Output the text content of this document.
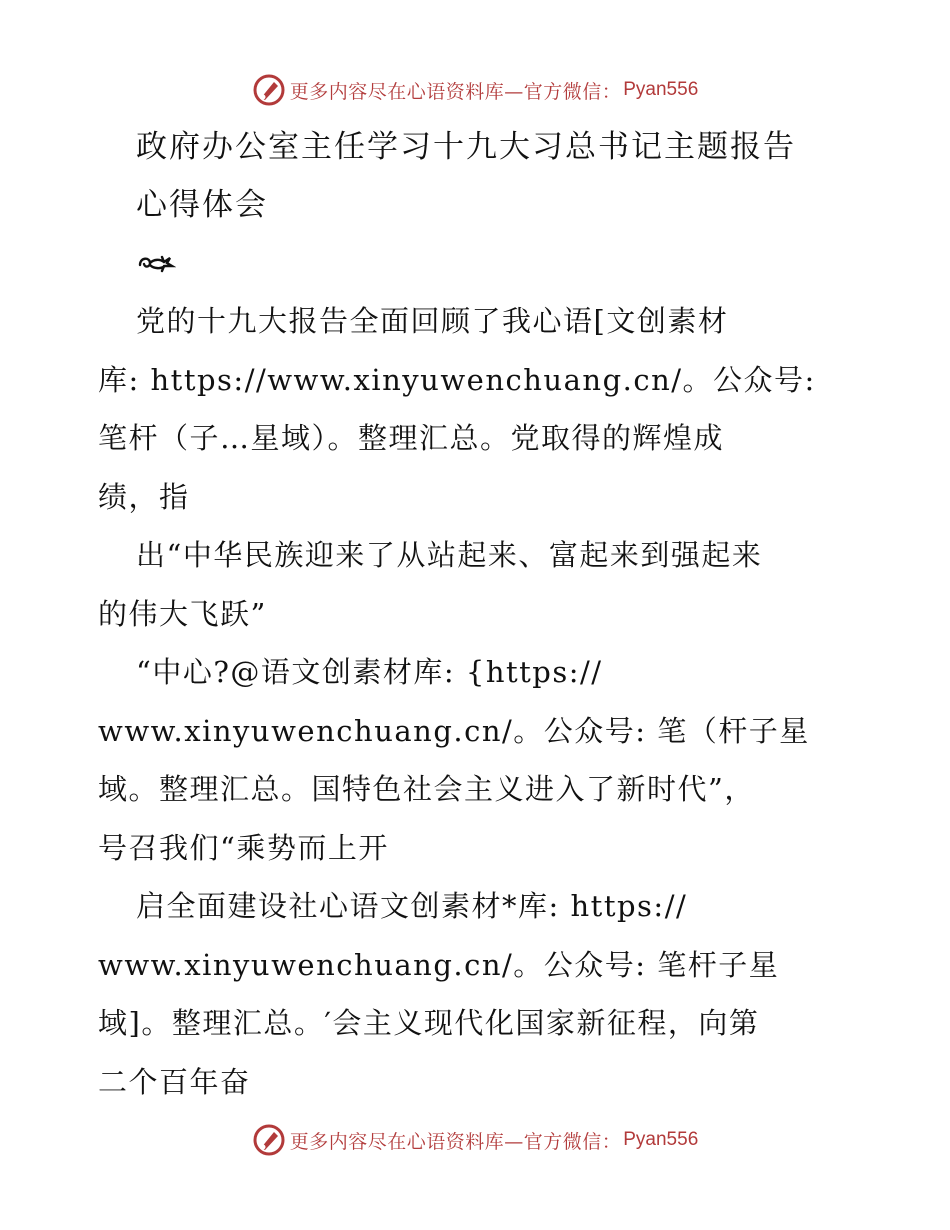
更多内容尽在心语资料库—官方微信： Pyan556
政府办公室主任学习十九大习总书记主题报告
心得体会

党的十九大报告全面回顾了我心语[文创素材
库: https://www.xinyuwenchuang.cn/。公众号:
笔杆（子…星域）。整理汇总。党取得的辉煌成
绩，指

出“中华民族迎来了从站起来、富起来到强起来
的伟大飞跃”

“中心?@语文创素材库: {https://
www.xinyuwenchuang.cn/。公众号: 笔（杆子星
域。整理汇总。国特色社会主义进入了新时代”，
号召我们“乘势而上开

启全面建设社心语文创素材*库: https://
www.xinyuwenchuang.cn/。公众号: 笔杆子星
域]。整理汇总。′会主义现代化国家新征程，向第
二个百年奋

更多内容尽在心语资料库—官方微信： Pyan556
